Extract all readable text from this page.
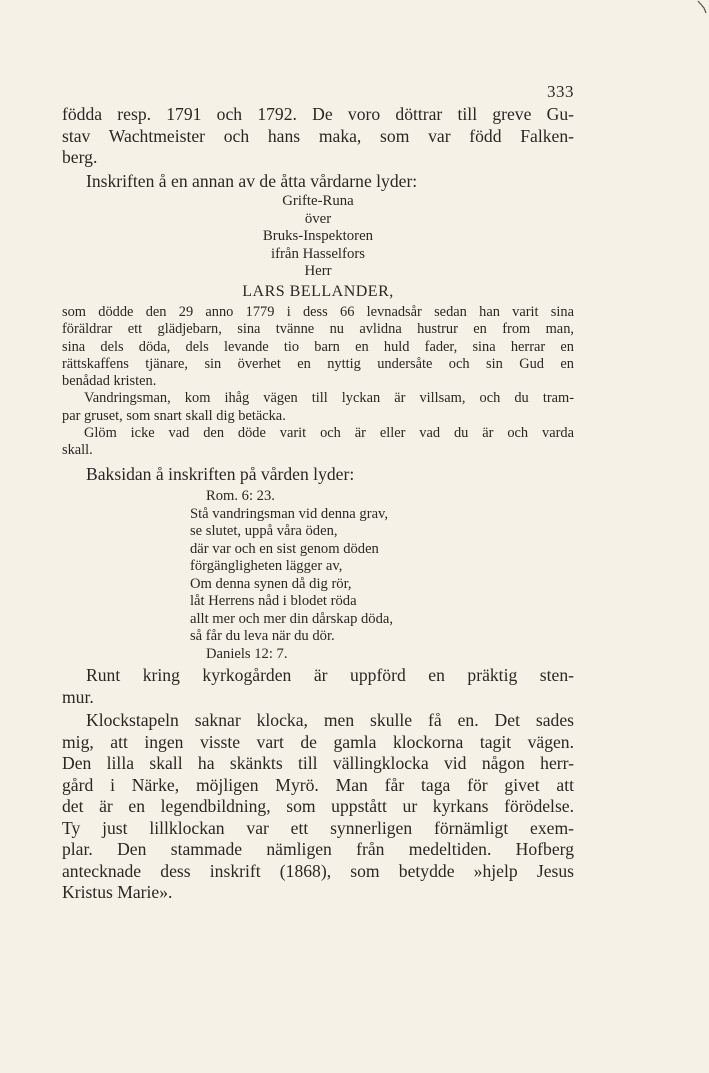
333
födda resp. 1791 och 1792. De voro döttrar till greve Gu-
stav Wachtmeister och hans maka, som var född Falken-
berg.
Inskriften å en annan av de åtta vårdarne lyder:
Grifte-Runa
över
Bruks-Inspektoren
ifrån Hasselfors
Herr
LARS BELLANDER,
som dödde den 29 anno 1779 i dess 66 levnadsår sedan han varit sina
föräldrar ett glädjebarn, sina tvänne nu avlidna hustrur en from man,
sina dels döda, dels levande tio barn en huld fader, sina herrar en
rättskaffens tjänare, sin överhet en nyttig undersåte och sin Gud en
benådad kristen.
Vandringsman, kom ihåg vägen till lyckan är villsam, och du tram-
par gruset, som snart skall dig betäcka.
Glöm icke vad den döde varit och är eller vad du är och varda
skall.
Baksidan å inskriften på vården lyder:
Rom. 6: 23.
Stå vandringsman vid denna grav,
se slutet, uppå våra öden,
där var och en sist genom döden
förgängligheten lägger av,
Om denna synen då dig rör,
låt Herrens nåd i blodet röda
allt mer och mer din dårskap döda,
så får du leva när du dör.
Daniels 12: 7.
Runt kring kyrkogården är uppförd en präktig sten-
mur.
Klockstapeln saknar klocka, men skulle få en. Det sades
mig, att ingen visste vart de gamla klockorna tagit vägen.
Den lilla skall ha skänkts till vällingklocka vid någon herr-
gård i Närke, möjligen Myrö. Man får taga för givet att
det är en legendbildning, som uppstått ur kyrkans förödelse.
Ty just lillklockan var ett synnerligen förnämligt exem-
plar. Den stammade nämligen från medeltiden. Hofberg
antecknade dess inskrift (1868), som betydde »hjelp Jesus
Kristus Marie».
